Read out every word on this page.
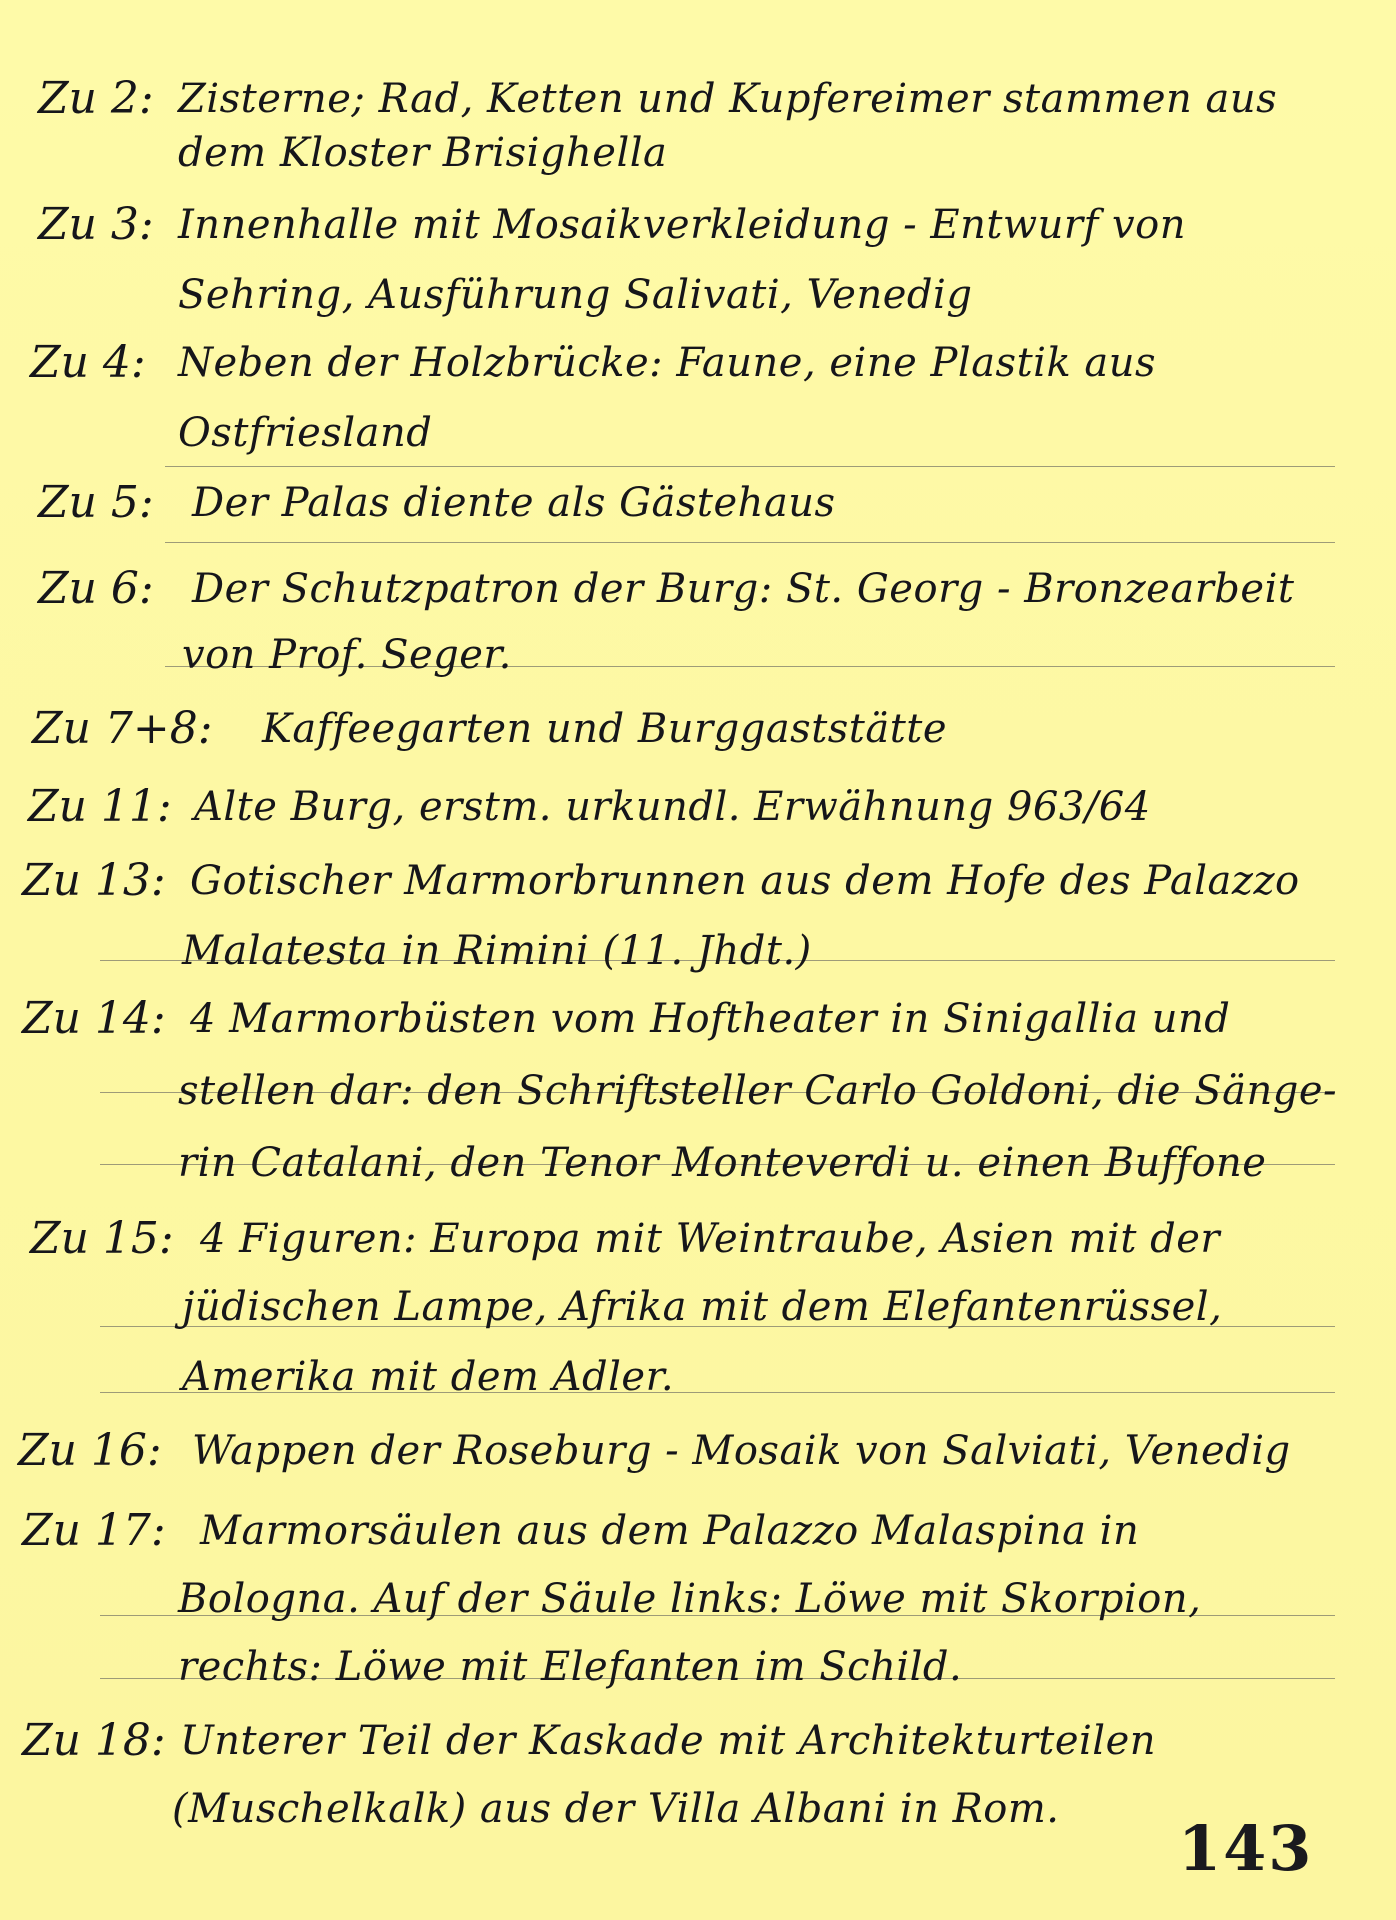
Zu 2: Zisterne; Rad, Ketten und Kupfereimer stammen aus
dem Kloster Brisighella
Zu 3: Innenhalle mit Mosaikverkleidung - Entwurf von
Sehring, Ausführung Salivati, Venedig
Zu 4: Neben der Holzbrücke: Faune, eine Plastik aus
Ostfriesland
Zu 5: Der Palas diente als Gästehaus
Zu 6: Der Schutzpatron der Burg: St. Georg - Bronzearbeit
von Prof. Seger.
Zu 7+8: Kaffeegarten und Burggaststätte
Zu 11: Alte Burg, erstm. urkundl. Erwähnung 963/64
Zu 13: Gotischer Marmorbrunnen aus dem Hofe des Palazzo
Malatesta in Rimini (11. Jhdt.)
Zu 14: 4 Marmorbüsten vom Hoftheater in Sinigallia und
stellen dar: den Schriftsteller Carlo Goldoni, die Sänge-
rin Catalani, den Tenor Monteverdi u. einen Buffone
Zu 15: 4 Figuren: Europa mit Weintraube, Asien mit der
jüdischen Lampe, Afrika mit dem Elefantenrüssel,
Amerika mit dem Adler.
Zu 16: Wappen der Roseburg - Mosaik von Salviati, Venedig
Zu 17: Marmorsäulen aus dem Palazzo Malaspina in
Bologna. Auf der Säule links: Löwe mit Skorpion,
rechts: Löwe mit Elefanten im Schild.
Zu 18: Unterer Teil der Kaskade mit Architekturteilen
(Muschelkalk) aus der Villa Albani in Rom.
143
